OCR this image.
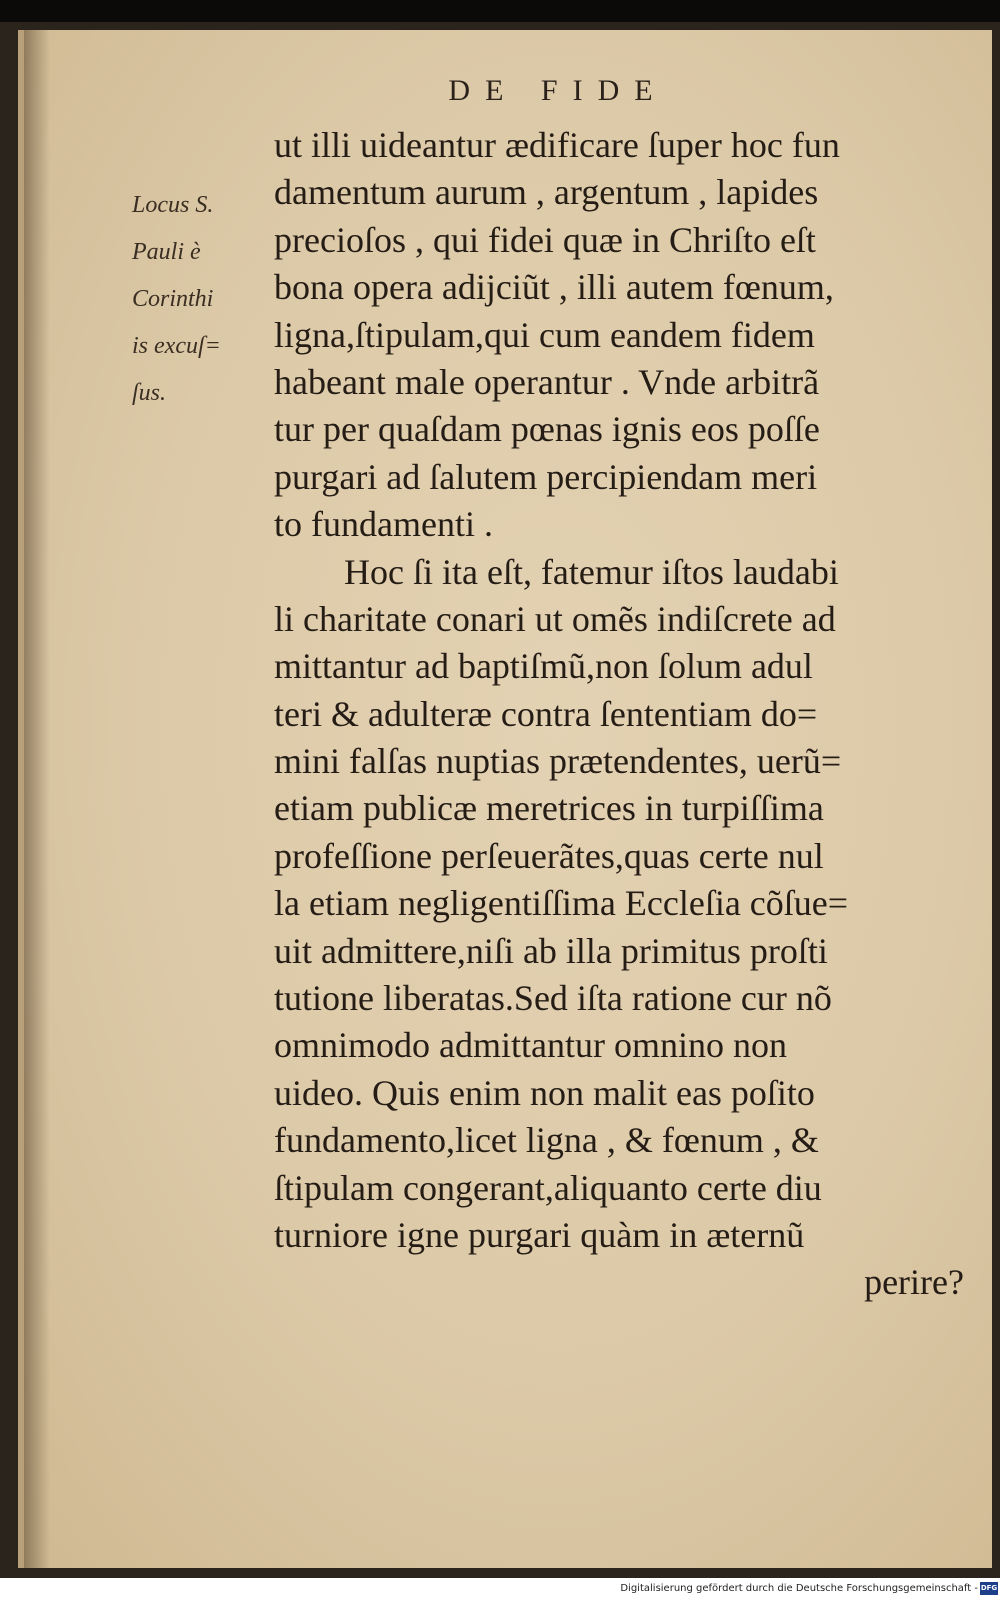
DE FIDE
Locus S.
Pauli è
Corinthi
is excuſ=
ſus.
ut illi uideantur ædificare ſuper hoc fun
damentum aurum , argentum , lapides
precioſos , qui fidei quæ in Chriſto eſt
bona opera adijciũt , illi autem fœnum,
ligna,ſtipulam,qui cum eandem fidem
habeant male operantur . Vnde arbitrã
tur per quaſdam pœnas ignis eos poſſe
purgari ad ſalutem percipiendam meri
to fundamenti .
Hoc ſi ita eſt, fatemur iſtos laudabi
li charitate conari ut omẽs indiſcrete ad
mittantur ad baptiſmũ,non ſolum adul
teri & adulteræ contra ſententiam do=
mini falſas nuptias prætendentes, uerũ=
etiam publicæ meretrices in turpiſſima
profeſſione perſeuerãtes,quas certe nul
la etiam negligentiſſima Eccleſia cõſue=
uit admittere,niſi ab illa primitus proſti
tutione liberatas.Sed iſta ratione cur nõ
omnimodo admittantur omnino non
uideo. Quis enim non malit eas poſito
fundamento,licet ligna , & fœnum , &
ſtipulam congerant,aliquanto certe diu
turniore igne purgari quàm in æternũ
perire?
Digitalisierung gefördert durch die Deutsche Forschungsgemeinschaft - DFG
